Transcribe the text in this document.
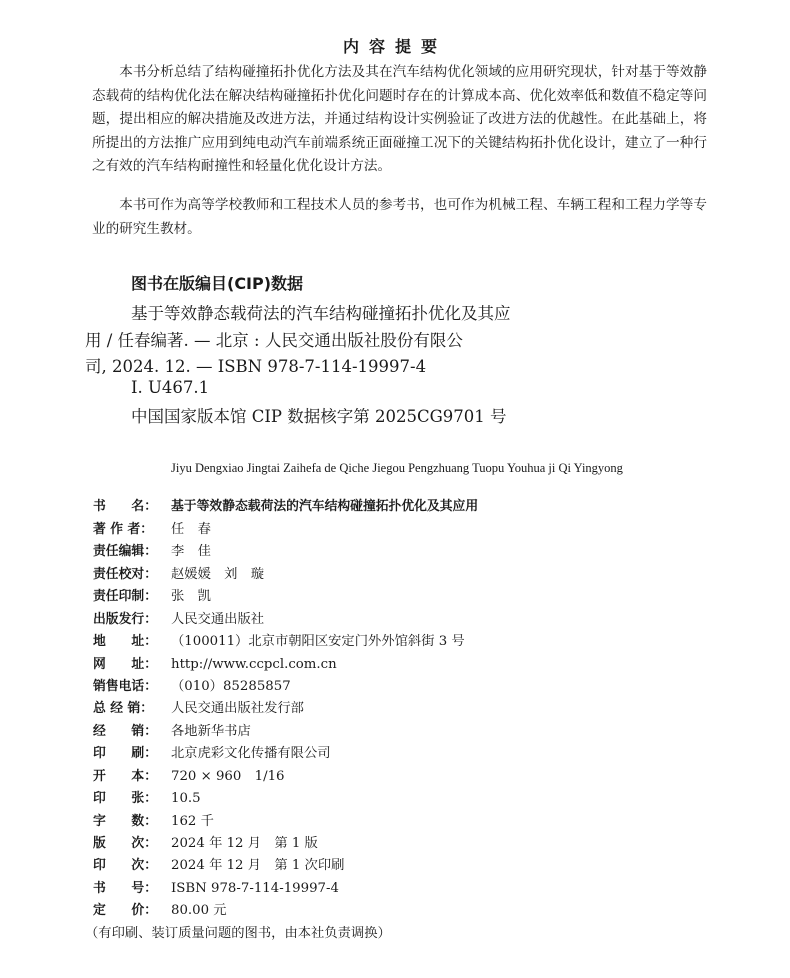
内容提要

本书分析总结了结构碰撞拓扑优化方法及其在汽车结构优化领域的应用研究现状，针对基于等效静态载荷的结构优化法在解决结构碰撞拓扑优化问题时存在的计算成本高、优化效率低和数值不稳定等问题，提出相应的解决措施及改进方法，并通过结构设计实例验证了改进方法的优越性。在此基础上，将所提出的方法推广应用到纯电动汽车前端系统正面碰撞工况下的关键结构拓扑优化设计，建立了一种行之有效的汽车结构耐撞性和轻量化优化设计方法。

本书可作为高等学校教师和工程技术人员的参考书，也可作为机械工程、车辆工程和工程力学等专业的研究生教材。

图书在版编目(CIP)数据
基于等效静态载荷法的汽车结构碰撞拓扑优化及其应
用 / 任春编著. — 北京 : 人民交通出版社股份有限公
司, 2024. 12. — ISBN 978-7-114-19997-4
Ⅰ. U467.1
中国国家版本馆 CIP 数据核字第 2025CG9701 号
Jiyu Dengxiao Jingtai Zaihefa de Qiche Jiegou Pengzhuang Tuopu Youhua ji Qi Yingyong
书　　名： 基于等效静态载荷法的汽车结构碰撞拓扑优化及其应用
著 作 者： 任　春
责任编辑： 李　佳
责任校对： 赵媛媛　刘　璇
责任印制： 张　凯
出版发行： 人民交通出版社
地　　址： （100011）北京市朝阳区安定门外外馆斜街 3 号
网　　址： http://www.ccpcl.com.cn
销售电话： （010）85285857
总 经 销： 人民交通出版社发行部
经　　销： 各地新华书店
印　　刷： 北京虎彩文化传播有限公司
开　　本： 720 × 960　1/16
印　　张： 10.5
字　　数： 162 千
版　　次： 2024 年 12 月　第 1 版
印　　次： 2024 年 12 月　第 1 次印刷
书　　号： ISBN 978-7-114-19997-4
定　　价： 80.00 元
（有印刷、装订质量问题的图书，由本社负责调换）
